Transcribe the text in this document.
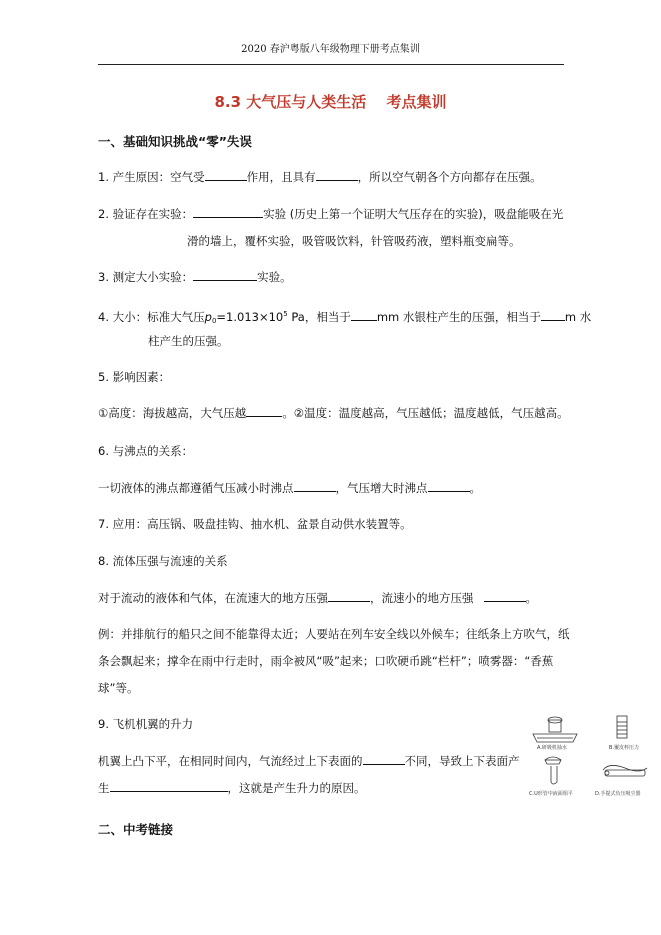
2020 春沪粤版八年级物理下册考点集训
8.3 大气压与人类生活　 考点集训
一、基础知识挑战“零”失误
1. 产生原因：空气受	作用，且具有	，所以空气朝各个方向都存在压强。
2. 验证存在实验：	实验 (历史上第一个证明大气压存在的实验)，吸盘能吸在光
滑的墙上，覆杯实验，吸管吸饮料，针管吸药液，塑料瓶变扁等。
3. 测定大小实验：	实验。
4. 大小：标准大气压$p_0=1.013\times 10^5$ Pa，相当于 mm 水银柱产生的压强，相当于 m 水
柱产生的压强。
5. 影响因素：
①高度：海拔越高，大气压越	。②温度：温度越高，气压越低；温度越低，气压越高。
6. 与沸点的关系：
一切液体的沸点都遵循气压减小时沸点	，气压增大时沸点	。
7. 应用：高压锅、吸盘挂钩、抽水机、盆景自动供水装置等。
8. 流体压强与流速的关系
对于流动的液体和气体，在流速大的地方压强	，流速小的地方压强	。
例：并排航行的船只之间不能靠得太近；人要站在列车安全线以外候车；往纸条上方吹气，纸
条会飘起来；撑伞在雨中行走时，雨伞被风“吸”起来；口吹硬币跳“栏杆”；喷雾器：“香蕉
球”等。
9. 飞机机翼的升力
机翼上凸下平，在相同时间内，气流经过上下表面的	不同，导致上下表面产
生	，这就是产生升力的原因。
A.研吸机抽水	B.覆皮杯压力
C.U形管中液面相平	D.手提式负压吸尘器
二、中考链接
